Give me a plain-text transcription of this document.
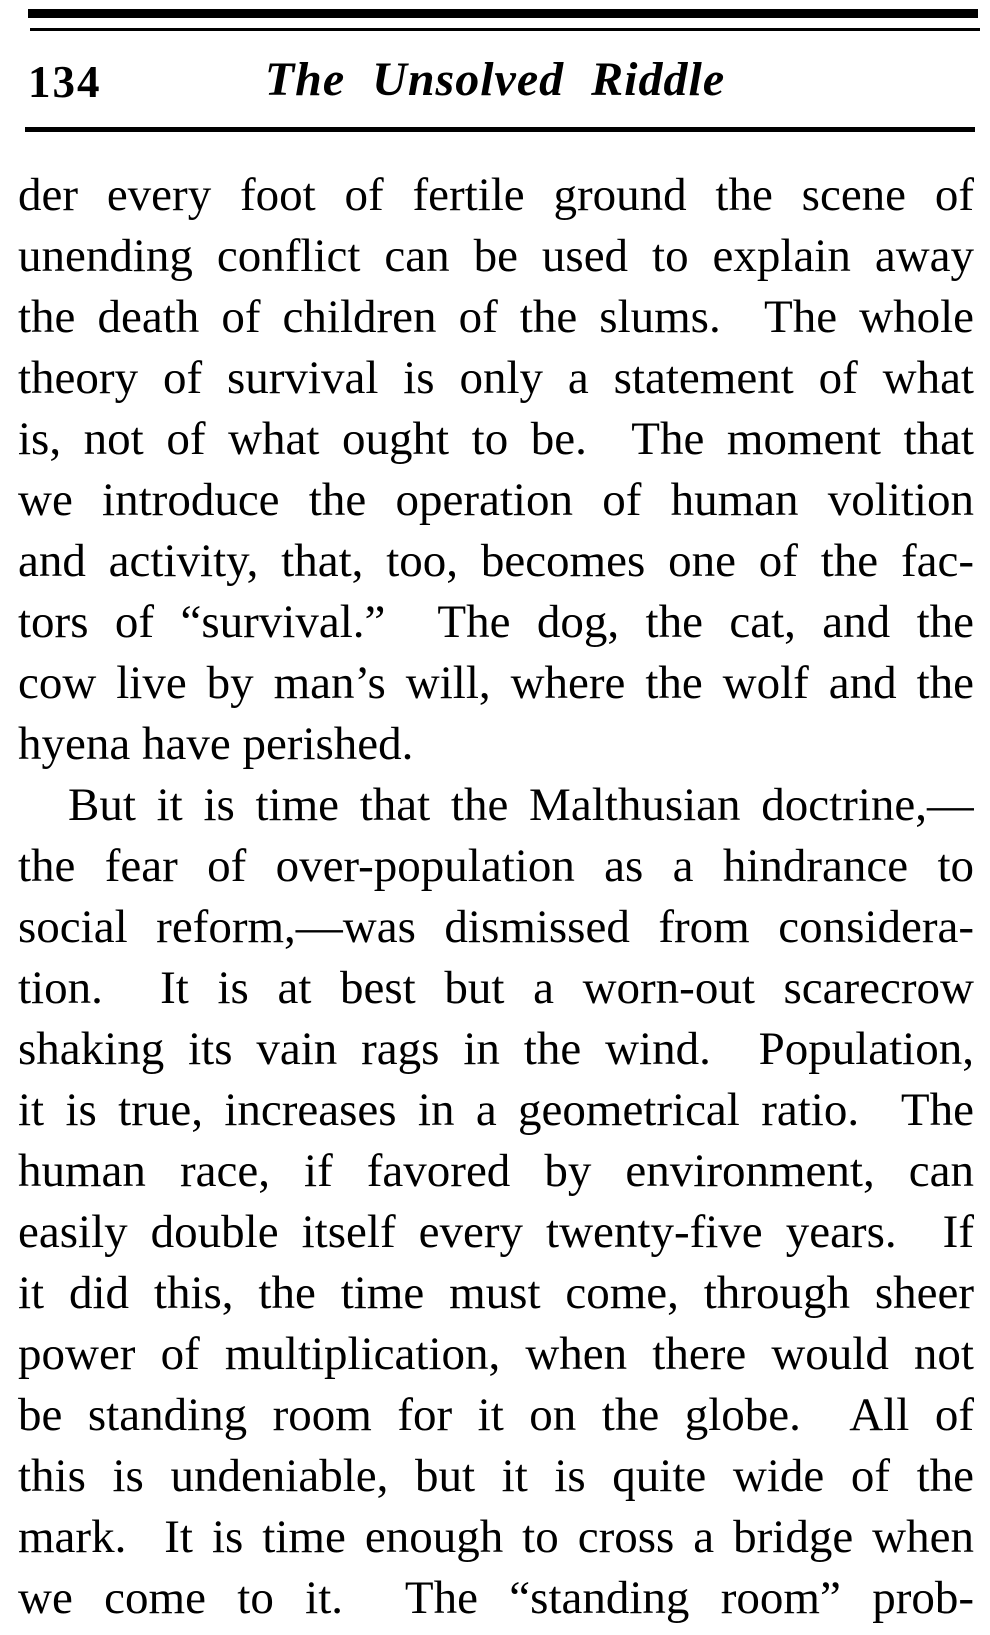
134	The Unsolved Riddle
der every foot of fertile ground the scene of
unending conflict can be used to explain away
the death of children of the slums.  The whole
theory of survival is only a statement of what
is, not of what ought to be.  The moment that
we introduce the operation of human volition
and activity, that, too, becomes one of the fac-
tors of “survival.”  The dog, the cat, and the
cow live by man’s will, where the wolf and the
hyena have perished.
But it is time that the Malthusian doctrine,—
the fear of over-population as a hindrance to
social reform,—was dismissed from considera-
tion.  It is at best but a worn-out scarecrow
shaking its vain rags in the wind.  Population,
it is true, increases in a geometrical ratio.  The
human race, if favored by environment, can
easily double itself every twenty-five years.  If
it did this, the time must come, through sheer
power of multiplication, when there would not
be standing room for it on the globe.  All of
this is undeniable, but it is quite wide of the
mark.  It is time enough to cross a bridge when
we come to it.  The “standing room” prob-
